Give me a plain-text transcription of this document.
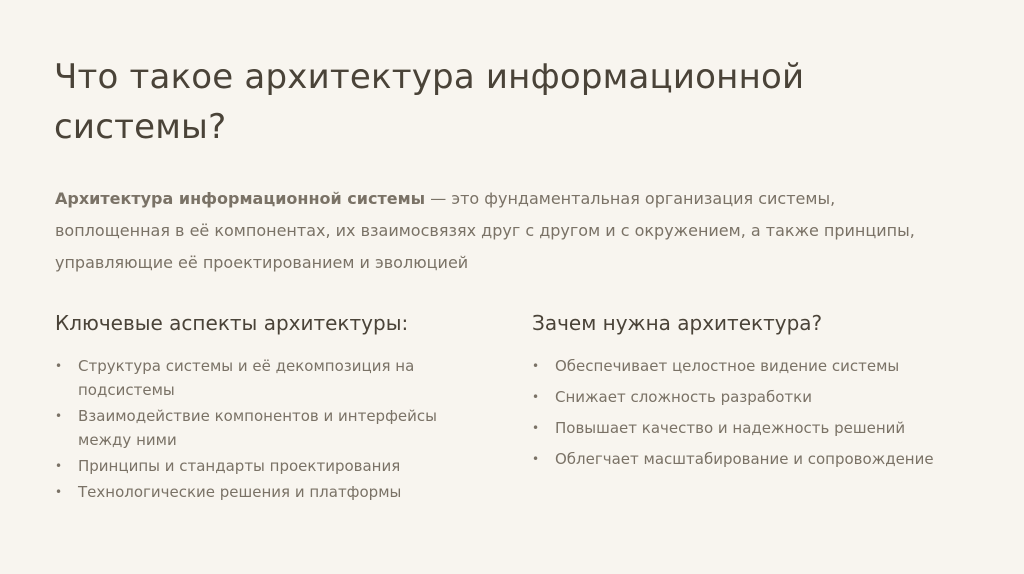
Что такое архитектура информационной системы?

Архитектура информационной системы — это фундаментальная организация системы, воплощенная в её компонентах, их взаимосвязях друг с другом и с окружением, а также принципы, управляющие её проектированием и эволюцией

Ключевые аспекты архитектуры:
• Структура системы и её декомпозиция на подсистемы
• Взаимодействие компонентов и интерфейсы между ними
• Принципы и стандарты проектирования
• Технологические решения и платформы
Зачем нужна архитектура?
• Обеспечивает целостное видение системы
• Снижает сложность разработки
• Повышает качество и надежность решений
• Облегчает масштабирование и сопровождение
